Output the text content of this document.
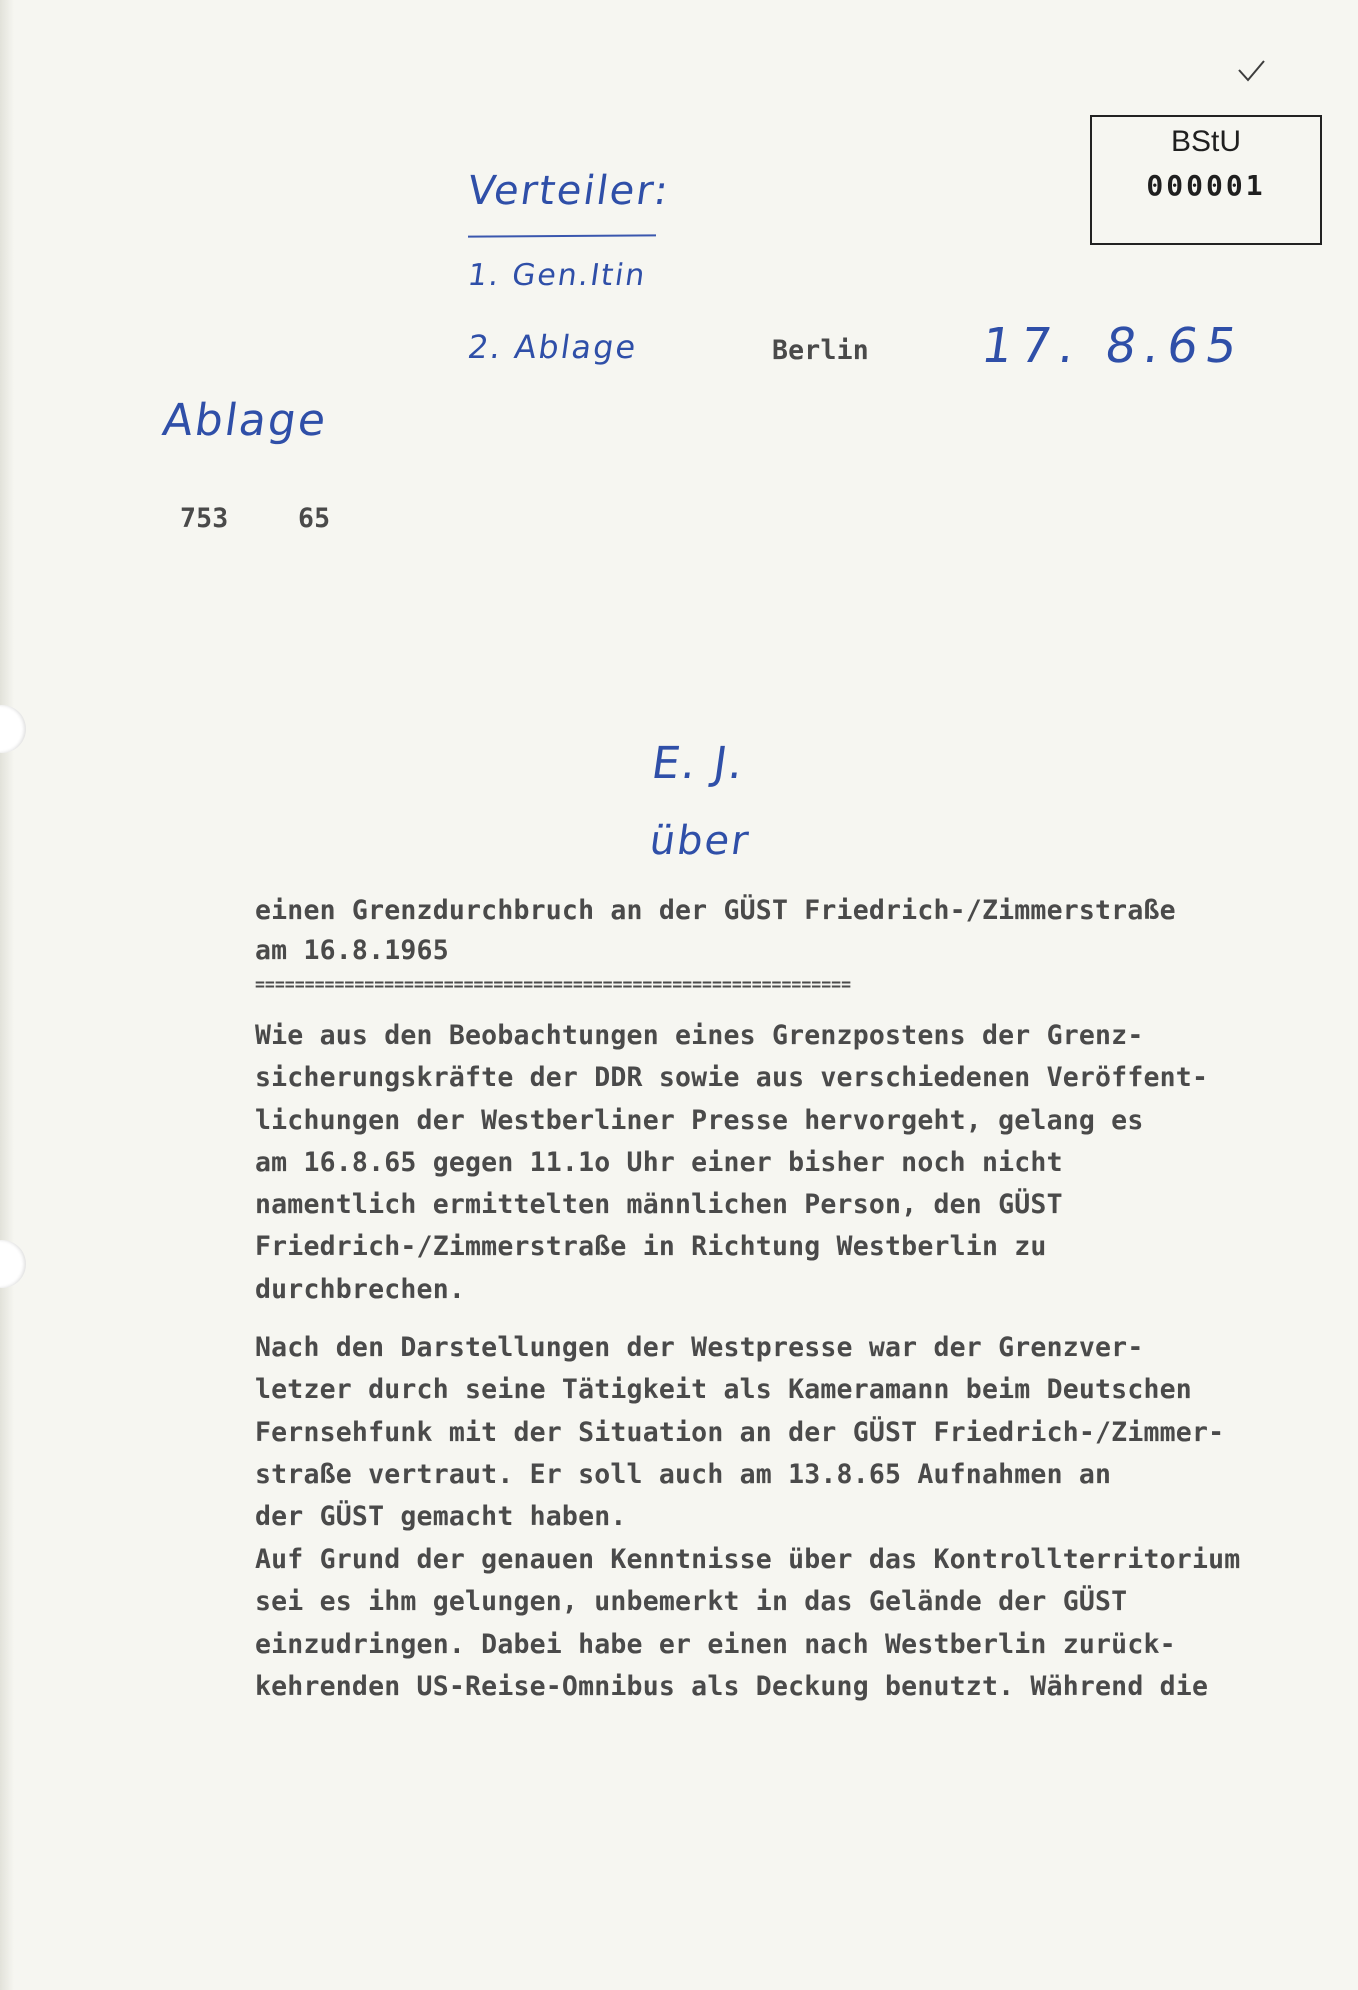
BStU
000001
Verteiler:
1. Gen.Itin
2. Ablage	Berlin 17. 8.65
Ablage
753	65

E. J.
über
einen Grenzdurchbruch an der GÜST Friedrich-/Zimmerstraße
am 16.8.1965
============================================================
Wie aus den Beobachtungen eines Grenzpostens der Grenz-
sicherungskräfte der DDR sowie aus verschiedenen Veröffent-
lichungen der Westberliner Presse hervorgeht, gelang es
am 16.8.65 gegen 11.1o Uhr einer bisher noch nicht
namentlich ermittelten männlichen Person, den GÜST
Friedrich-/Zimmerstraße in Richtung Westberlin zu
durchbrechen.
Nach den Darstellungen der Westpresse war der Grenzver-
letzer durch seine Tätigkeit als Kameramann beim Deutschen
Fernsehfunk mit der Situation an der GÜST Friedrich-/Zimmer-
straße vertraut. Er soll auch am 13.8.65 Aufnahmen an
der GÜST gemacht haben.
Auf Grund der genauen Kenntnisse über das Kontrollterritorium
sei es ihm gelungen, unbemerkt in das Gelände der GÜST
einzudringen. Dabei habe er einen nach Westberlin zurück-
kehrenden US-Reise-Omnibus als Deckung benutzt. Während die
